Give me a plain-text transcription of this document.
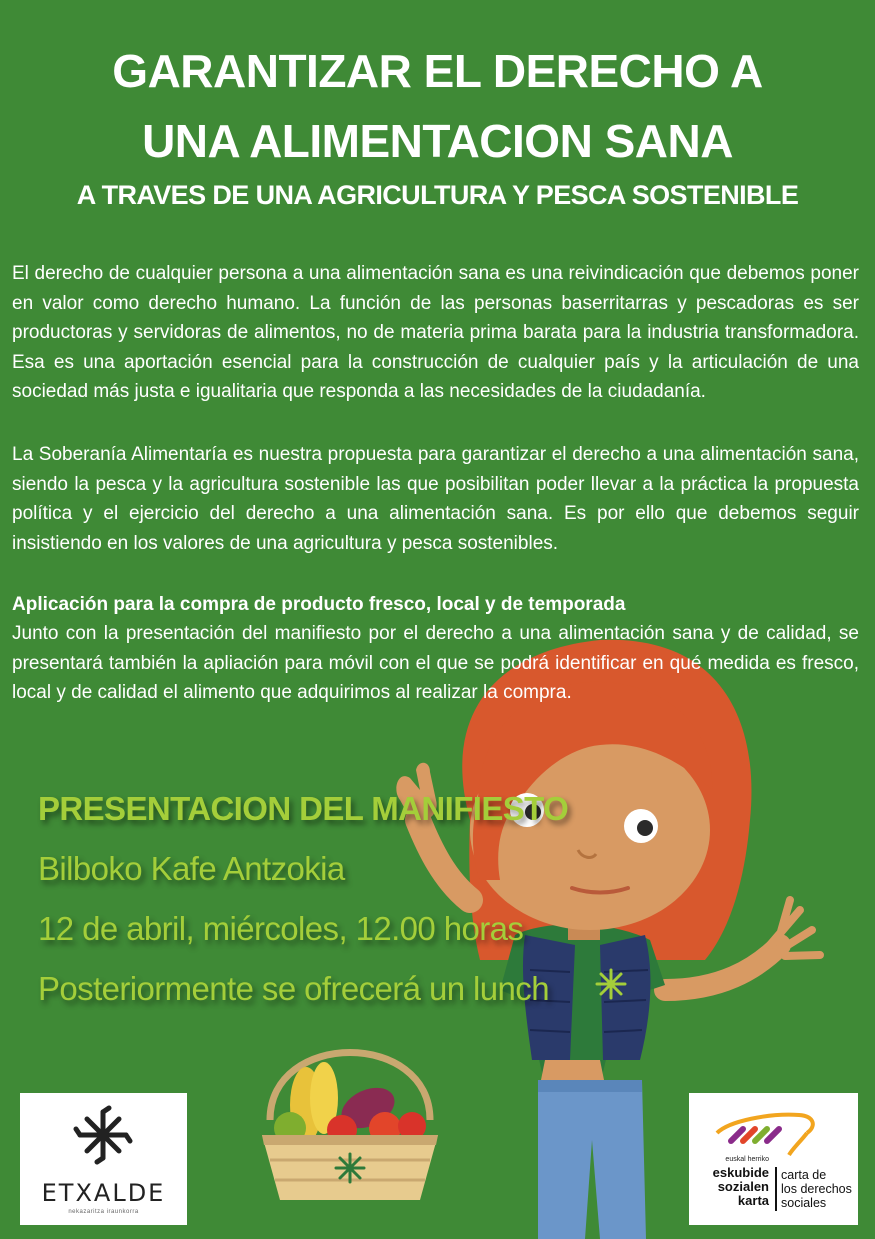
GARANTIZAR EL DERECHO A
UNA ALIMENTACION SANA
A TRAVES DE UNA AGRICULTURA Y PESCA SOSTENIBLE

El derecho de cualquier persona a una alimentación sana es una reivindicación que debemos poner en valor como derecho humano. La función de las personas baserritarras y pescadoras es ser productoras y servidoras de alimentos, no de materia prima barata para la industria transformadora. Esa es una aportación esencial para la construcción de cualquier país y la articulación de una sociedad más justa e igualitaria que responda a las necesidades de la ciudadanía.

La Soberanía Alimentaría es nuestra propuesta para garantizar el derecho a una alimentación sana, siendo la pesca y la agricultura sostenible las que posibilitan poder llevar a la práctica la propuesta política y el ejercicio del derecho a una alimentación sana. Es por ello que debemos seguir insistiendo en los valores de una agricultura y pesca sostenibles.

Aplicación para la compra de producto fresco, local y de temporada

Junto con la presentación del manifiesto por el derecho a una alimentación sana y de calidad, se presentará también la apliación para móvil con el que se podrá identificar en qué medida es fresco, local y de calidad el alimento que adquirimos al realizar la compra.

PRESENTACION DEL MANIFIESTO

Bilboko Kafe Antzokia

12 de abril, miércoles, 12.00 horas

Posteriormente se ofrecerá un lunch

ETXALDE
nekazaritza iraunkorra
euskal herriko
eskubide
sozialen
karta
carta de
los derechos
sociales
